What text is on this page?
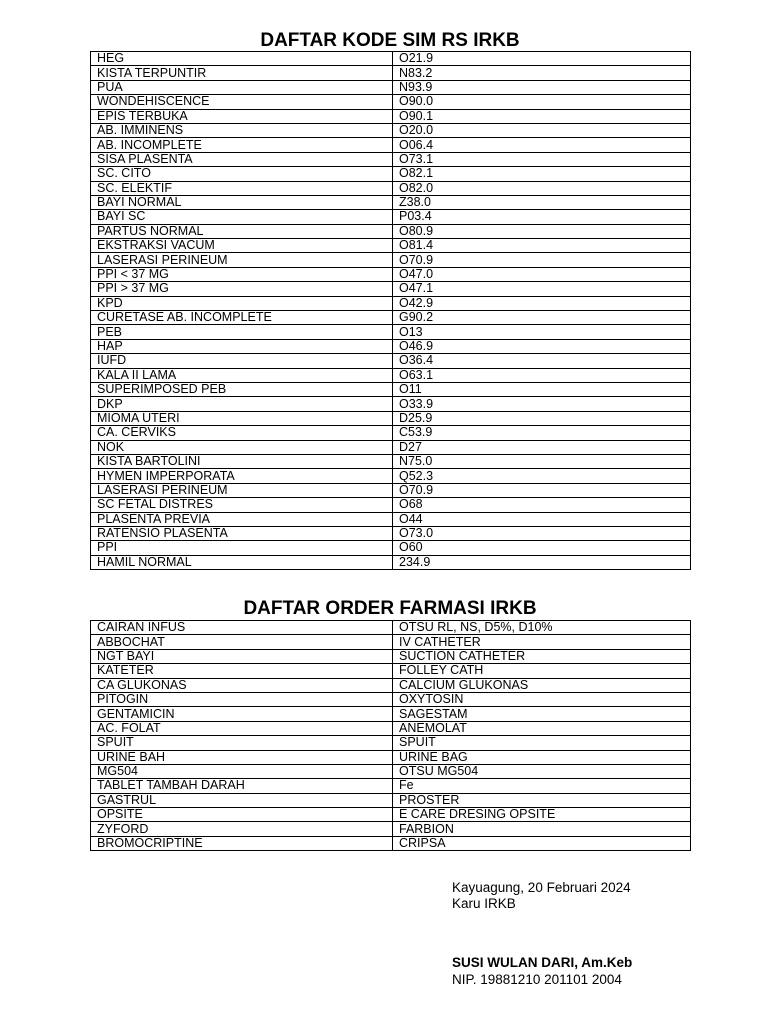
DAFTAR KODE SIM RS IRKB
HEG	O21.9
KISTA TERPUNTIR	N83.2
PUA	N93.9
WONDEHISCENCE	O90.0
EPIS TERBUKA	O90.1
AB. IMMINENS	O20.0
AB. INCOMPLETE	O06.4
SISA PLASENTA	O73.1
SC. CITO	O82.1
SC. ELEKTIF	O82.0
BAYI NORMAL	Z38.0
BAYI SC	P03.4
PARTUS NORMAL	O80.9
EKSTRAKSI VACUM	O81.4
LASERASI PERINEUM	O70.9
PPI < 37 MG	O47.0
PPI > 37 MG	O47.1
KPD	O42.9
CURETASE AB. INCOMPLETE	G90.2
PEB	O13
HAP	O46.9
IUFD	O36.4
KALA II LAMA	O63.1
SUPERIMPOSED PEB	O11
DKP	O33.9
MIOMA UTERI	D25.9
CA. CERVIKS	C53.9
NOK	D27
KISTA BARTOLINI	N75.0
HYMEN IMPERPORATA	Q52.3
LASERASI PERINEUM	O70.9
SC FETAL DISTRES	O68
PLASENTA PREVIA	O44
RATENSIO PLASENTA	O73.0
PPI	O60
HAMIL NORMAL	234.9
DAFTAR ORDER FARMASI IRKB
CAIRAN INFUS	OTSU RL, NS, D5%, D10%
ABBOCHAT	IV CATHETER
NGT BAYI	SUCTION CATHETER
KATETER	FOLLEY CATH
CA GLUKONAS	CALCIUM GLUKONAS
PITOGIN	OXYTOSIN
GENTAMICIN	SAGESTAM
AC. FOLAT	ANEMOLAT
SPUIT	SPUIT
URINE BAH	URINE BAG
MG504	OTSU MG504
TABLET TAMBAH DARAH	Fe
GASTRUL	PROSTER
OPSITE	E CARE DRESING OPSITE
ZYFORD	FARBION
BROMOCRIPTINE	CRIPSA
Kayuagung, 20 Februari 2024
Karu IRKB
SUSI WULAN DARI, Am.Keb
NIP. 19881210 201101 2004
